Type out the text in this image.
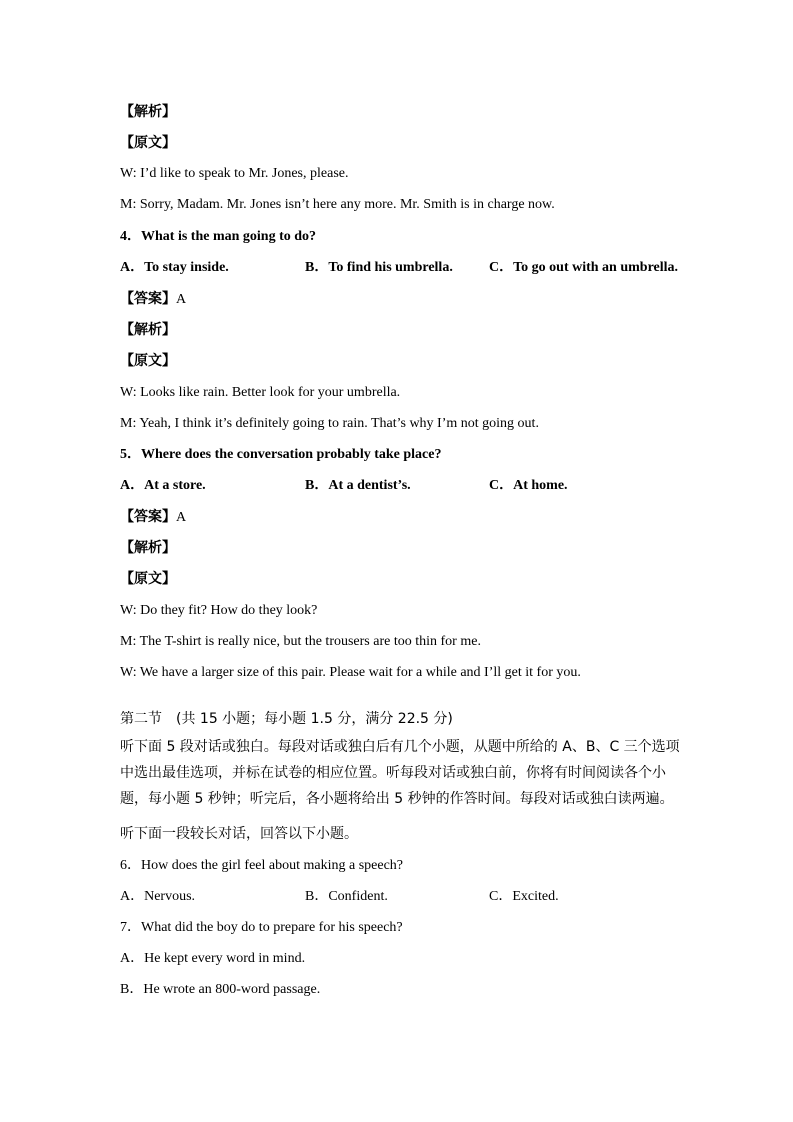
【解析】
【原文】
W: I’d like to speak to Mr. Jones, please.
M: Sorry, Madam. Mr. Jones isn’t here any more. Mr. Smith is in charge now.
4．What is the man going to do?
A．To stay inside.	B．To find his umbrella.	C．To go out with an umbrella.
【答案】A
【解析】
【原文】
W: Looks like rain. Better look for your umbrella.
M: Yeah, I think it’s definitely going to rain. That’s why I’m not going out.
5．Where does the conversation probably take place?
A．At a store.	B．At a dentist’s.	C．At home.
【答案】A
【解析】
【原文】
W: Do they fit? How do they look?
M: The T-shirt is really nice, but the trousers are too thin for me.
W: We have a larger size of this pair. Please wait for a while and I’ll get it for you.
第二节　(共 15 小题；每小题 1.5 分，满分 22.5 分)
听下面 5 段对话或独白。每段对话或独白后有几个小题，从题中所给的 A、B、C 三个选项中选出最佳选项，并标在试卷的相应位置。听每段对话或独白前，你将有时间阅读各个小题，每小题 5 秒钟；听完后，各小题将给出 5 秒钟的作答时间。每段对话或独白读两遍。
听下面一段较长对话，回答以下小题。
6．How does the girl feel about making a speech?
A．Nervous.	B．Confident.	C．Excited.
7．What did the boy do to prepare for his speech?
A．He kept every word in mind.
B．He wrote an 800-word passage.
